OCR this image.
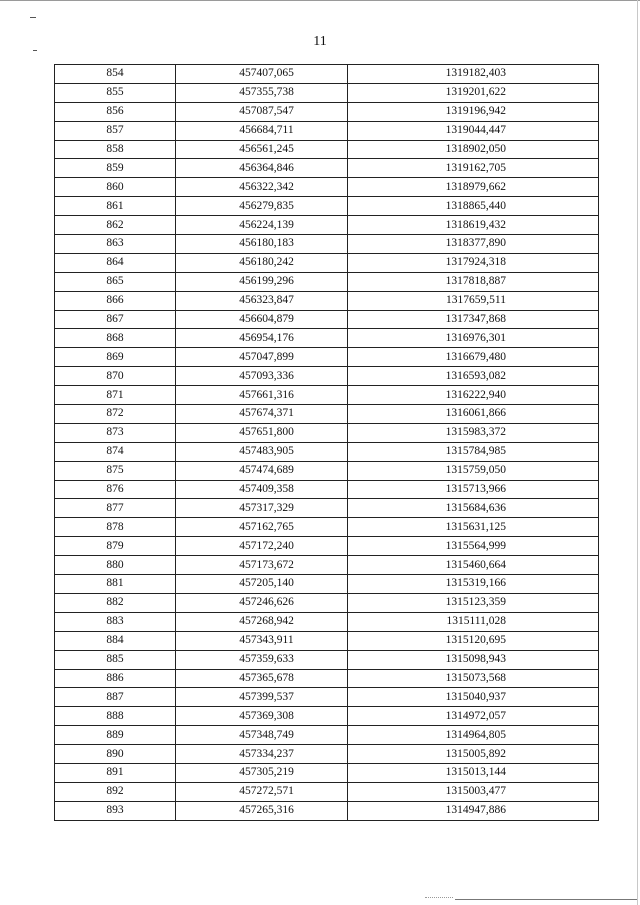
11
854	457407,065	1319182,403
855	457355,738	1319201,622
856	457087,547	1319196,942
857	456684,711	1319044,447
858	456561,245	1318902,050
859	456364,846	1319162,705
860	456322,342	1318979,662
861	456279,835	1318865,440
862	456224,139	1318619,432
863	456180,183	1318377,890
864	456180,242	1317924,318
865	456199,296	1317818,887
866	456323,847	1317659,511
867	456604,879	1317347,868
868	456954,176	1316976,301
869	457047,899	1316679,480
870	457093,336	1316593,082
871	457661,316	1316222,940
872	457674,371	1316061,866
873	457651,800	1315983,372
874	457483,905	1315784,985
875	457474,689	1315759,050
876	457409,358	1315713,966
877	457317,329	1315684,636
878	457162,765	1315631,125
879	457172,240	1315564,999
880	457173,672	1315460,664
881	457205,140	1315319,166
882	457246,626	1315123,359
883	457268,942	1315111,028
884	457343,911	1315120,695
885	457359,633	1315098,943
886	457365,678	1315073,568
887	457399,537	1315040,937
888	457369,308	1314972,057
889	457348,749	1314964,805
890	457334,237	1315005,892
891	457305,219	1315013,144
892	457272,571	1315003,477
893	457265,316	1314947,886
